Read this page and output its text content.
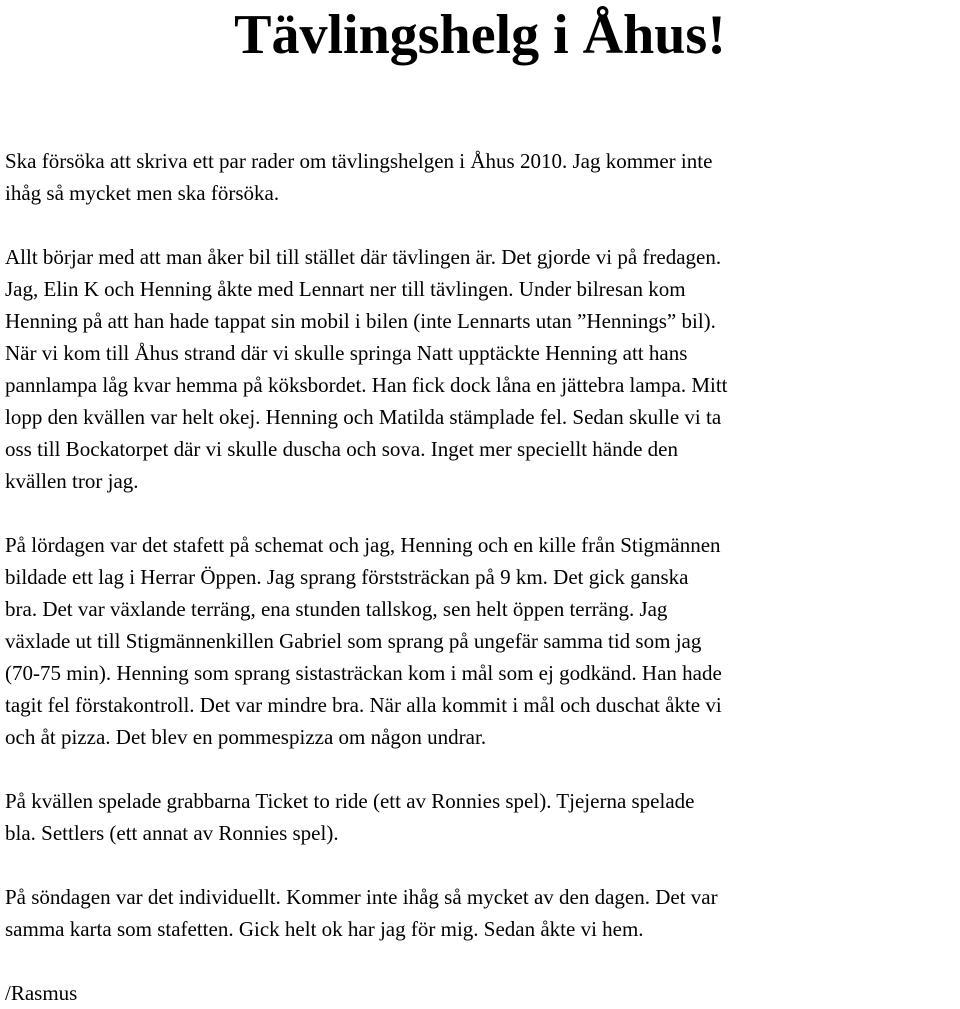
Tävlingshelg i Åhus!

Ska försöka att skriva ett par rader om tävlingshelgen i Åhus 2010. Jag kommer inte
ihåg så mycket men ska försöka.

Allt börjar med att man åker bil till stället där tävlingen är. Det gjorde vi på fredagen.
Jag, Elin K och Henning åkte med Lennart ner till tävlingen. Under bilresan kom
Henning på att han hade tappat sin mobil i bilen (inte Lennarts utan ”Hennings” bil).
När vi kom till Åhus strand där vi skulle springa Natt upptäckte Henning att hans
pannlampa låg kvar hemma på köksbordet. Han fick dock låna en jättebra lampa. Mitt
lopp den kvällen var helt okej. Henning och Matilda stämplade fel. Sedan skulle vi ta
oss till Bockatorpet där vi skulle duscha och sova. Inget mer speciellt hände den
kvällen tror jag.

På lördagen var det stafett på schemat och jag, Henning och en kille från Stigmännen
bildade ett lag i Herrar Öppen. Jag sprang förststräckan på 9 km. Det gick ganska
bra. Det var växlande terräng, ena stunden tallskog, sen helt öppen terräng. Jag
växlade ut till Stigmännenkillen Gabriel som sprang på ungefär samma tid som jag
(70-75 min). Henning som sprang sistasträckan kom i mål som ej godkänd. Han hade
tagit fel förstakontroll. Det var mindre bra. När alla kommit i mål och duschat åkte vi
och åt pizza. Det blev en pommespizza om någon undrar.

På kvällen spelade grabbarna Ticket to ride (ett av Ronnies spel). Tjejerna spelade
bla. Settlers (ett annat av Ronnies spel).

På söndagen var det individuellt. Kommer inte ihåg så mycket av den dagen. Det var
samma karta som stafetten. Gick helt ok har jag för mig. Sedan åkte vi hem.

/Rasmus
